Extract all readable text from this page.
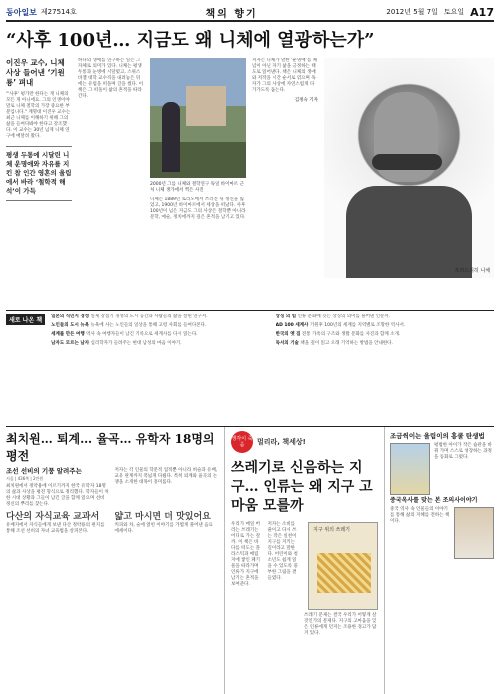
동아일보 제27514호	책의 향기	2012년 5월 7일 토요일 A17
“사후 100년… 지금도 왜 니체에 열광하는가”
이진우 교수, 니체사상 들어낸 ‘기원룡’ 펴내
"'사후' 평가만 한다는 게 니체의 모든 게 아니에요. 그의 인생이야말로 니체 철학의 가장 중요한 부분입니다." 계명대 이진우 교수는 최근 니체를 이해하기 위해 그의 삶을 들여다봐야 한다고 강조했다. 이 교수는 30년 넘게 니체 연구에 매달려 왔다.
평생 두통에 시달린 니체 운명애와 자유를 지킨 참 인간 영혼의 울림에서 바라 ‘철학적 해석’이 가득
하나의 생애를 연구하는 일은 그 자체로 의미가 있다. 니체는 평생 두통과 눈병에 시달렸고, 스위스 바젤 대학 교수직을 내려놓은 뒤에는 유럽을 떠돌며 글을 썼다. 이 책은 그 떠돌이 삶의 흔적을 따라간다.
2000년 그를 니체와 철학연구 독일 바이마르 근처 니체 생가에서 찍은 사진
니체는 1889년 토리노에서 쓰러진 뒤 정신을 잃었고, 1900년 바이마르에서 세상을 떠났다. 사후 100년이 넘은 지금도 그의 사상은 철학뿐 아니라 문학, 예술, 정치에까지 깊은 흔적을 남기고 있다.
저자는 니체가 말한 ‘운명애’를 체념이 아닌 자기 삶을 긍정하는 태도로 읽어낸다. 책은 니체의 생애와 저작을 시간 순서로 엮으며 독자가 그의 사상에 자연스럽게 다가가도록 돕는다.
김정숙 기자
프리드리히 니체
새로 나온 책
일본의 식민지 경성 일제 강점기 경성의 도시 공간과 사람들의 삶을 살핀 연구서.
노인들의 도시 뉴욕 뉴욕에 사는 노인들의 일상을 통해 고령 사회를 들여다본다.
세계를 만든 여행 역사 속 여행자들이 남긴 기록으로 세계사를 다시 읽는다.
남자도 모르는 남자 심리학자가 들려주는 현대 남성의 마음 이야기.
상징 의 힘 인류 문화에 깃든 상징의 의미를 풀어낸 인문서.
AD 100 세계사 기원후 100년의 세계를 지역별로 조망한 역사서.
한국의 옛 집 전통 가옥의 구조와 생활 문화를 사진과 함께 소개.
독서의 기술 책을 깊이 읽고 오래 기억하는 방법을 안내한다.
최치원… 퇴계… 율곡… 유학자 18명의 평전
조선 선비의 기풍 알려주는
지음 | 436쪽 | 2만원
최치원에서 정약용에 이르기까지 한국 유학자 18명의 삶과 사상을 평전 형식으로 정리했다. 학자들이 처한 시대 상황과 그들이 남긴 글을 함께 읽으며 선비 정신의 뿌리를 찾는다.
저자는 각 인물의 학문적 업적뿐 아니라 벼슬과 유배, 교유 관계까지 폭넓게 다뤘다. 특히 퇴계와 율곡의 논쟁을 소개한 대목이 흥미롭다.
다산의 자식교육 교과서
유배지에서 자식들에게 보낸 다산 정약용의 편지를 통해 조선 선비의 자녀 교육법을 살펴본다.
얇고 마시면 더 맛있어요
커피와 차, 술에 얽힌 이야기를 가볍게 풀어낸 음료 에세이다.
생각이 죽음	멀리라, 책세상!
쓰레기로 신음하는 지구… 인류는 왜 지구 고마움 모를까
우리가 매일 버리는 쓰레기는 어디로 가는 걸까. 이 책은 바다를 떠도는 플라스틱과 매립지에 쌓인 폐기물을 따라가며 인류가 지구에 남기는 흔적을 보여준다.
저자는 소비를 줄이고 다시 쓰는 작은 실천이 지구를 지키는 길이라고 말한다. 어린이와 청소년도 쉽게 읽을 수 있도록 풍부한 그림을 곁들였다.
지구 위의 쓰레기
쓰레기 문제는 결국 우리가 어떻게 살 것인가의 문제다. 지구의 고마움을 잊은 인류에게 던지는 조용한 경고가 담겨 있다.
조금씩이는 울림이의 흥쿨 탄생법
평범한 아이가 작은 습관을 바꿔 가며 스스로 성장하는 과정을 동화로 그렸다.
중국옥사를 맞는 본 조의사이야기
중국 역사 속 인물들의 이야기를 통해 삶의 지혜를 전하는 책이다.
